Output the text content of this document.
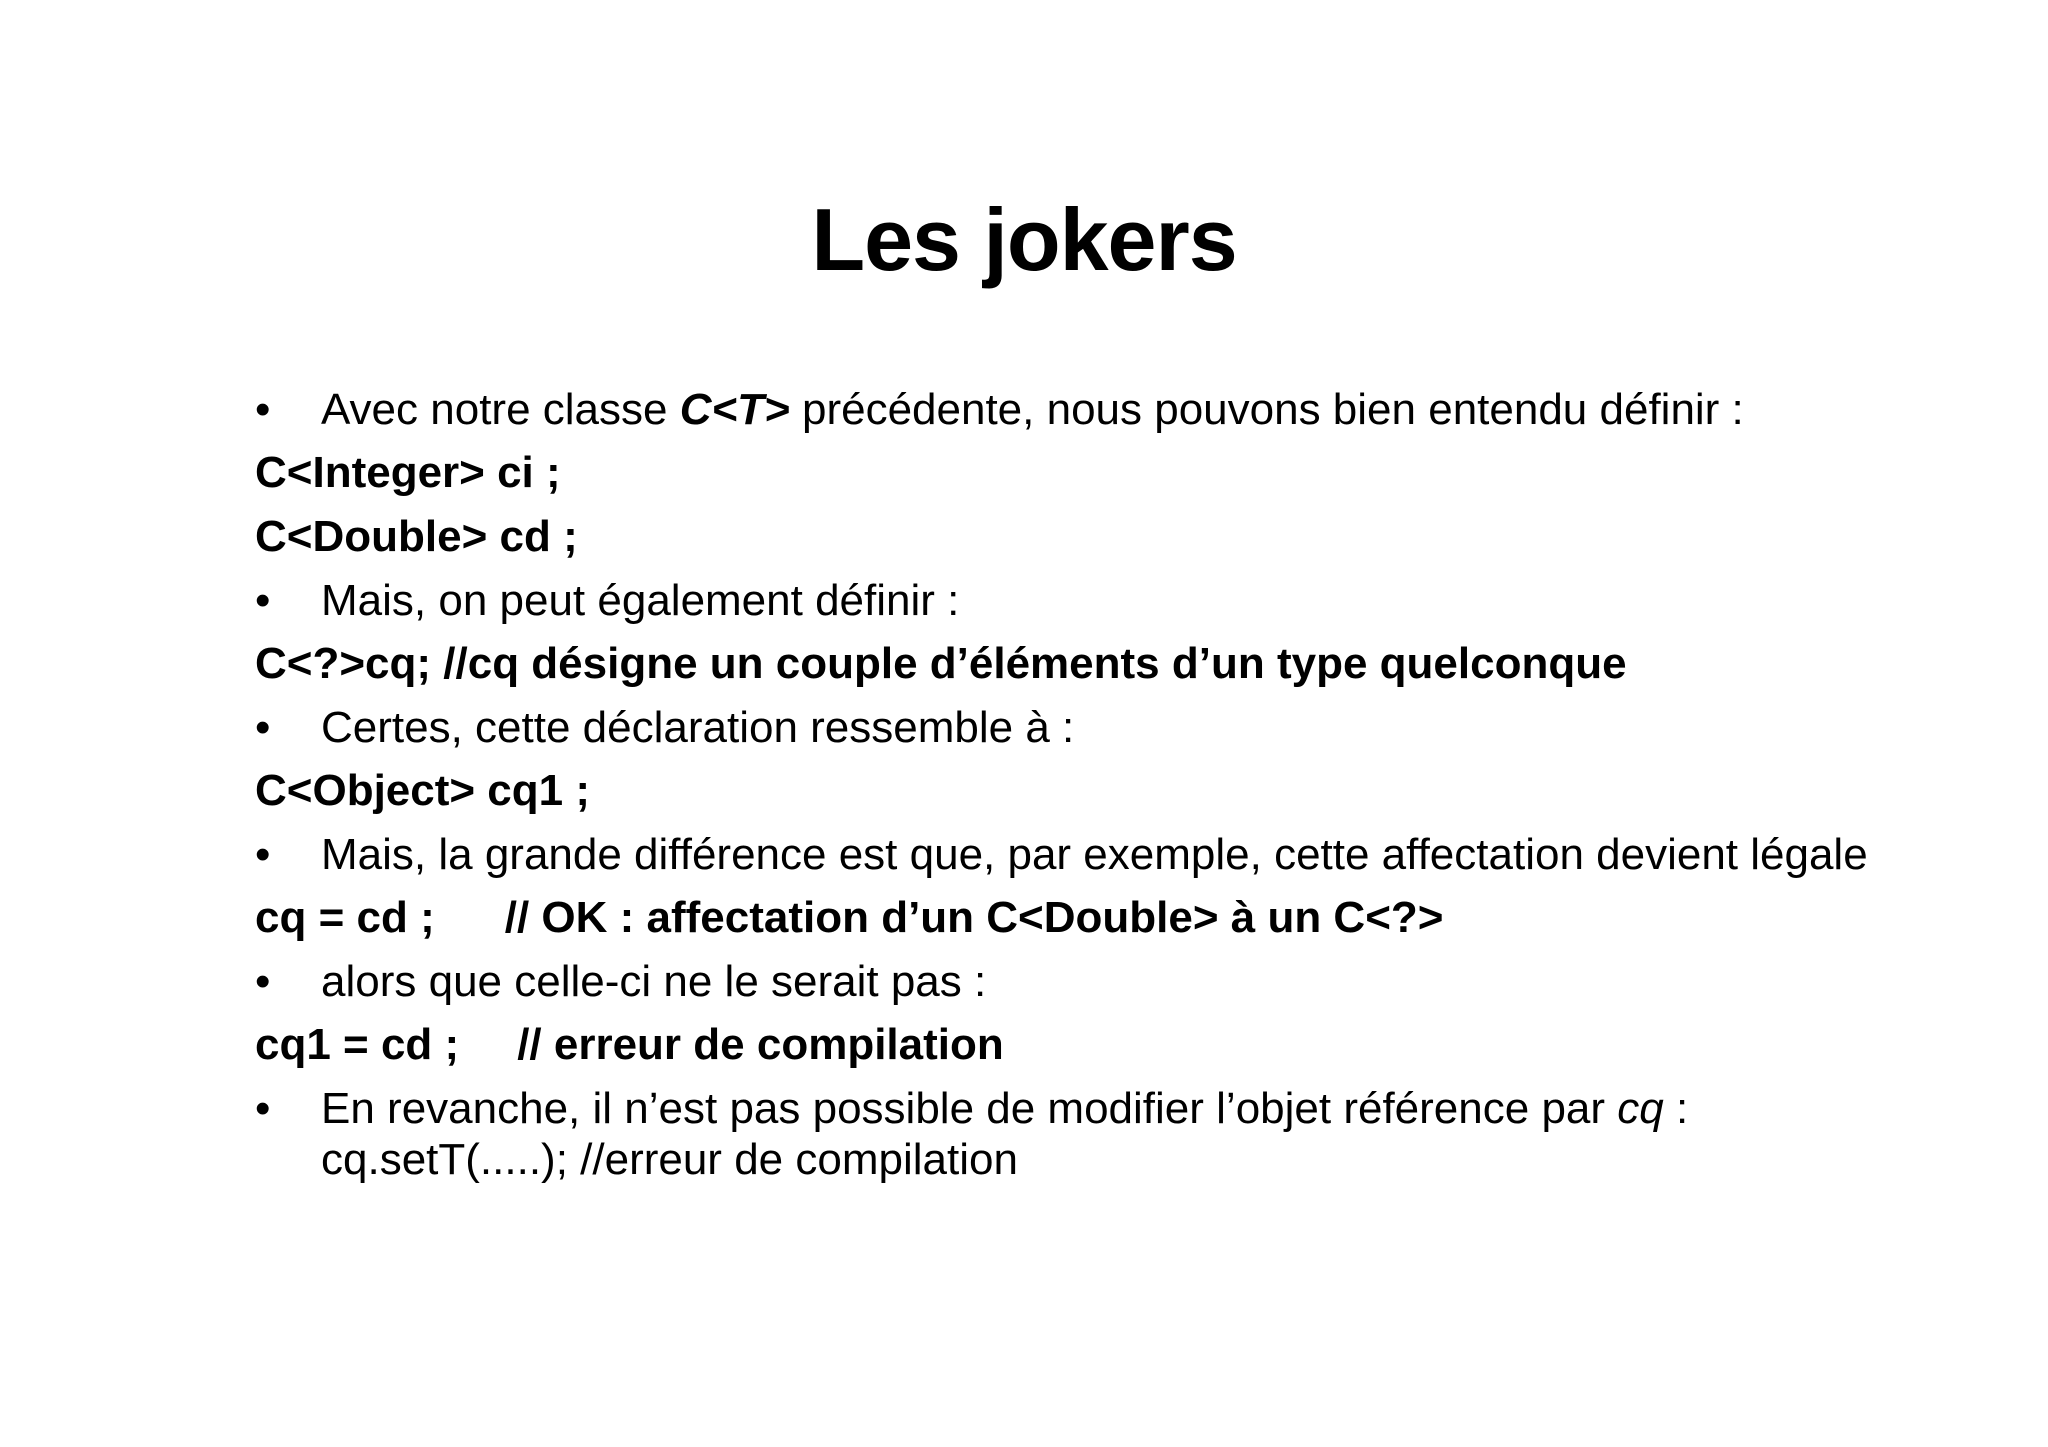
Les jokers
•	Avec notre classe C<T> précédente, nous pouvons bien entendu définir :
C<Integer> ci ;
C<Double> cd ;
•	Mais, on peut également définir :
C<?>cq; //cq désigne un couple d’éléments d’un type quelconque
•	Certes, cette déclaration ressemble à :
C<Object> cq1 ;
•	Mais, la grande différence est que, par exemple, cette affectation devient légale
cq = cd ; // OK : affectation d’un C<Double> à un C<?>
•	alors que celle-ci ne le serait pas :
cq1 = cd ; // erreur de compilation
•	En revanche, il n’est pas possible de modifier l’objet référence par cq :
cq.setT(.....); //erreur de compilation
